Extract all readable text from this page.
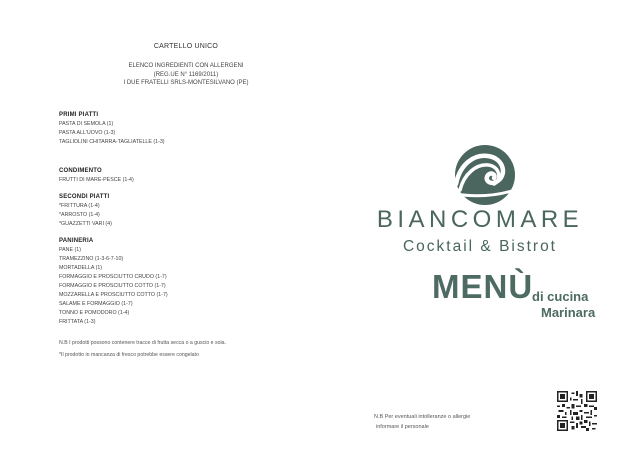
CARTELLO UNICO
ELENCO INGREDIENTI CON ALLERGENI
(REG.UE N° 1169/2011)
I DUE FRATELLI SRLS-MONTESILVANO (PE)
PRIMI PIATTI
PASTA DI SEMOLA (1)
PASTA ALL'UOVO (1-3)
TAGLIOLINI CHITARRA-TAGLIATELLE (1-3)
CONDIMENTO
FRUTTI DI MARE-PESCE (1-4)
SECONDI PIATTI
*FRITTURA (1-4)
*ARROSTO (1-4)
*GUAZZETTI VARI (4)
PANINERIA
PANE (1)
TRAMEZZINO (1-3-6-7-10)
MORTADELLA (1)
FORMAGGIO E PROSCIUTTO CRUDO (1-7)
FORMAGGIO E PROSCIUTTO COTTO (1-7)
MOZZARELLA E PROSCIUTTO COTTO (1-7)
SALAME E FORMAGGIO (1-7)
TONNO E POMODORO (1-4)
FRITTATA (1-3)
N.B I prodotti possono contenere tracce di frutta secca o a guscio e soia.
*Il prodotto in mancanza di fresco potrebbe essere congelato
BIANCOMARE
Cocktail & Bistrot
MENÙ
di cucina
Marinara
N.B Per eventuali intolleranze o allergie
informare il personale
